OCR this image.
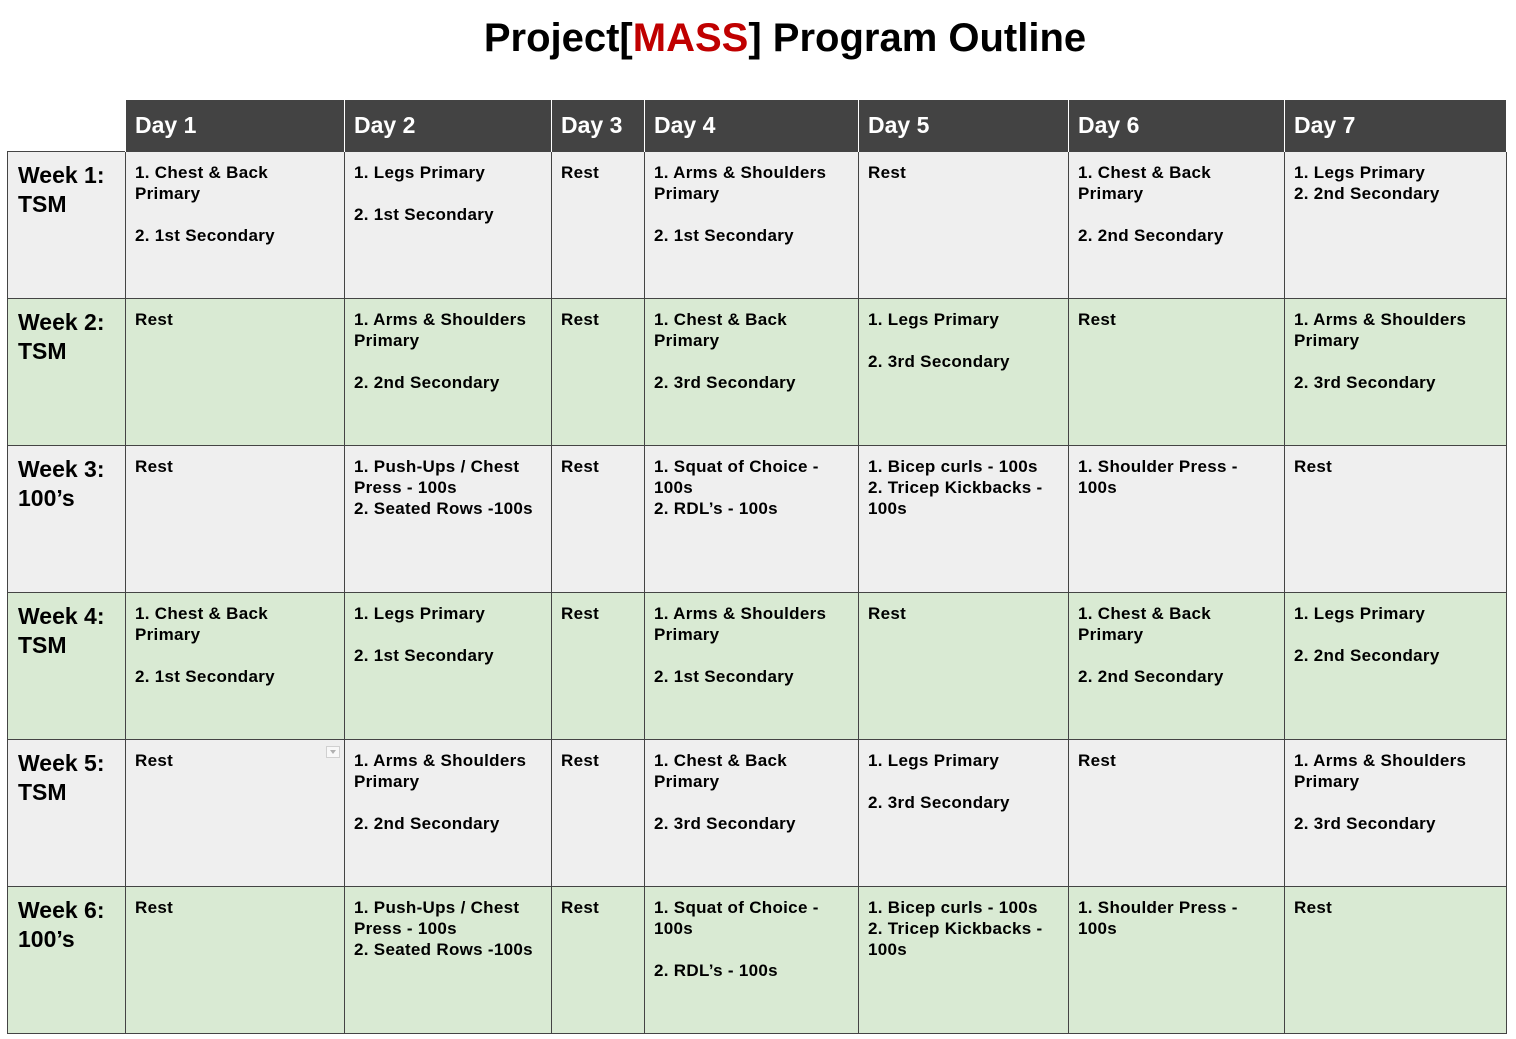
Project[MASS] Program Outline
	Day 1	Day 2	Day 3	Day 4	Day 5	Day 6	Day 7

Week 1:
TSM	1. Chest & Back
Primary
2. 1st Secondary	1. Legs Primary
2. 1st Secondary	Rest	1. Arms & Shoulders
Primary
2. 1st Secondary	Rest	1. Chest & Back
Primary
2. 2nd Secondary	1. Legs Primary
2. 2nd Secondary

Week 2:
TSM	Rest	1. Arms & Shoulders
Primary
2. 2nd Secondary	Rest	1. Chest & Back
Primary
2. 3rd Secondary	1. Legs Primary
2. 3rd Secondary	Rest	1. Arms & Shoulders
Primary
2. 3rd Secondary

Week 3:
100’s	Rest	1. Push-Ups / Chest
Press - 100s
2. Seated Rows -100s	Rest	1. Squat of Choice -
100s
2. RDL’s - 100s	1. Bicep curls - 100s
2. Tricep Kickbacks -
100s	1. Shoulder Press -
100s	Rest

Week 4:
TSM	1. Chest & Back
Primary
2. 1st Secondary	1. Legs Primary
2. 1st Secondary	Rest	1. Arms & Shoulders
Primary
2. 1st Secondary	Rest	1. Chest & Back
Primary
2. 2nd Secondary	1. Legs Primary
2. 2nd Secondary

Week 5:
TSM	Rest	1. Arms & Shoulders
Primary
2. 2nd Secondary	Rest	1. Chest & Back
Primary
2. 3rd Secondary	1. Legs Primary
2. 3rd Secondary	Rest	1. Arms & Shoulders
Primary
2. 3rd Secondary

Week 6:
100’s	Rest	1. Push-Ups / Chest
Press - 100s
2. Seated Rows -100s	Rest	1. Squat of Choice -
100s
2. RDL’s - 100s	1. Bicep curls - 100s
2. Tricep Kickbacks -
100s	1. Shoulder Press -
100s	Rest
